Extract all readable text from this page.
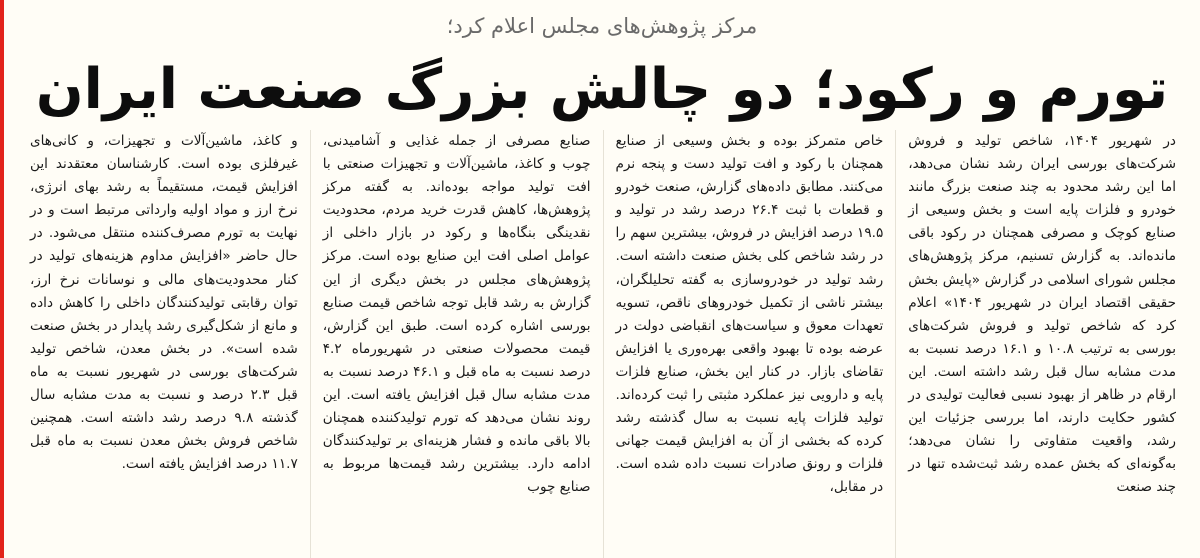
مرکز پژوهش‌های مجلس اعلام کرد؛
تورم و رکود؛ دو چالش بزرگ صنعت ایران

در شهریور ۱۴۰۴، شاخص تولید و فروش شرکت‌های بورسی ایران رشد نشان می‌دهد، اما این رشد محدود به چند صنعت بزرگ مانند خودرو و فلزات پایه است و بخش وسیعی از صنایع کوچک و مصرفی همچنان در رکود باقی مانده‌اند. به گزارش تسنیم، مرکز پژوهش‌های مجلس شورای اسلامی در گزارش «پایش بخش حقیقی اقتصاد ایران در شهریور ۱۴۰۴» اعلام کرد که شاخص تولید و فروش شرکت‌های بورسی به ترتیب ۱۰.۸ و ۱۶.۱ درصد نسبت به مدت مشابه سال قبل رشد داشته است. این ارقام در ظاهر از بهبود نسبی فعالیت تولیدی در کشور حکایت دارند، اما بررسی جزئیات این رشد، واقعیت متفاوتی را نشان می‌دهد؛ به‌گونه‌ای که بخش عمده رشد ثبت‌شده تنها در چند صنعت

خاص متمرکز بوده و بخش وسیعی از صنایع همچنان با رکود و افت تولید دست و پنجه نرم می‌کنند. مطابق داده‌های گزارش، صنعت خودرو و قطعات با ثبت ۲۶.۴ درصد رشد در تولید و ۱۹.۵ درصد افزایش در فروش، بیشترین سهم را در رشد شاخص کلی بخش صنعت داشته است. رشد تولید در خودروسازی به گفته تحلیلگران، بیشتر ناشی از تکمیل خودروهای ناقص، تسویه تعهدات معوق و سیاست‌های انقباضی دولت در عرضه بوده تا بهبود واقعی بهره‌وری یا افزایش تقاضای بازار. در کنار این بخش، صنایع فلزات پایه و دارویی نیز عملکرد مثبتی را ثبت کرده‌اند. تولید فلزات پایه نسبت به سال گذشته رشد کرده که بخشی از آن به افزایش قیمت جهانی فلزات و رونق صادرات نسبت داده شده است. در مقابل،

صنایع مصرفی از جمله غذایی و آشامیدنی، چوب و کاغذ، ماشین‌آلات و تجهیزات صنعتی با افت تولید مواجه بوده‌اند. به گفته مرکز پژوهش‌ها، کاهش قدرت خرید مردم، محدودیت نقدینگی بنگاه‌ها و رکود در بازار داخلی از عوامل اصلی افت این صنایع بوده است. مرکز پژوهش‌های مجلس در بخش دیگری از این گزارش به رشد قابل توجه شاخص قیمت صنایع بورسی اشاره کرده است. طبق این گزارش، قیمت محصولات صنعتی در شهریورماه ۴.۲ درصد نسبت به ماه قبل و ۴۶.۱ درصد نسبت به مدت مشابه سال قبل افزایش یافته است. این روند نشان می‌دهد که تورم تولیدکننده همچنان بالا باقی مانده و فشار هزینه‌ای بر تولیدکنندگان ادامه دارد. بیشترین رشد قیمت‌ها مربوط به صنایع چوب

و کاغذ، ماشین‌آلات و تجهیزات، و کانی‌های غیرفلزی بوده است. کارشناسان معتقدند این افزایش قیمت، مستقیماً به رشد بهای انرژی، نرخ ارز و مواد اولیه وارداتی مرتبط است و در نهایت به تورم مصرف‌کننده منتقل می‌شود. در حال حاضر «افزایش مداوم هزینه‌های تولید در کنار محدودیت‌های مالی و نوسانات نرخ ارز، توان رقابتی تولیدکنندگان داخلی را کاهش داده و مانع از شکل‌گیری رشد پایدار در بخش صنعت شده است». در بخش معدن، شاخص تولید شرکت‌های بورسی در شهریور نسبت به ماه قبل ۲.۳ درصد و نسبت به مدت مشابه سال گذشته ۹.۸ درصد رشد داشته است. همچنین شاخص فروش بخش معدن نسبت به ماه قبل ۱۱.۷ درصد افزایش یافته است.
